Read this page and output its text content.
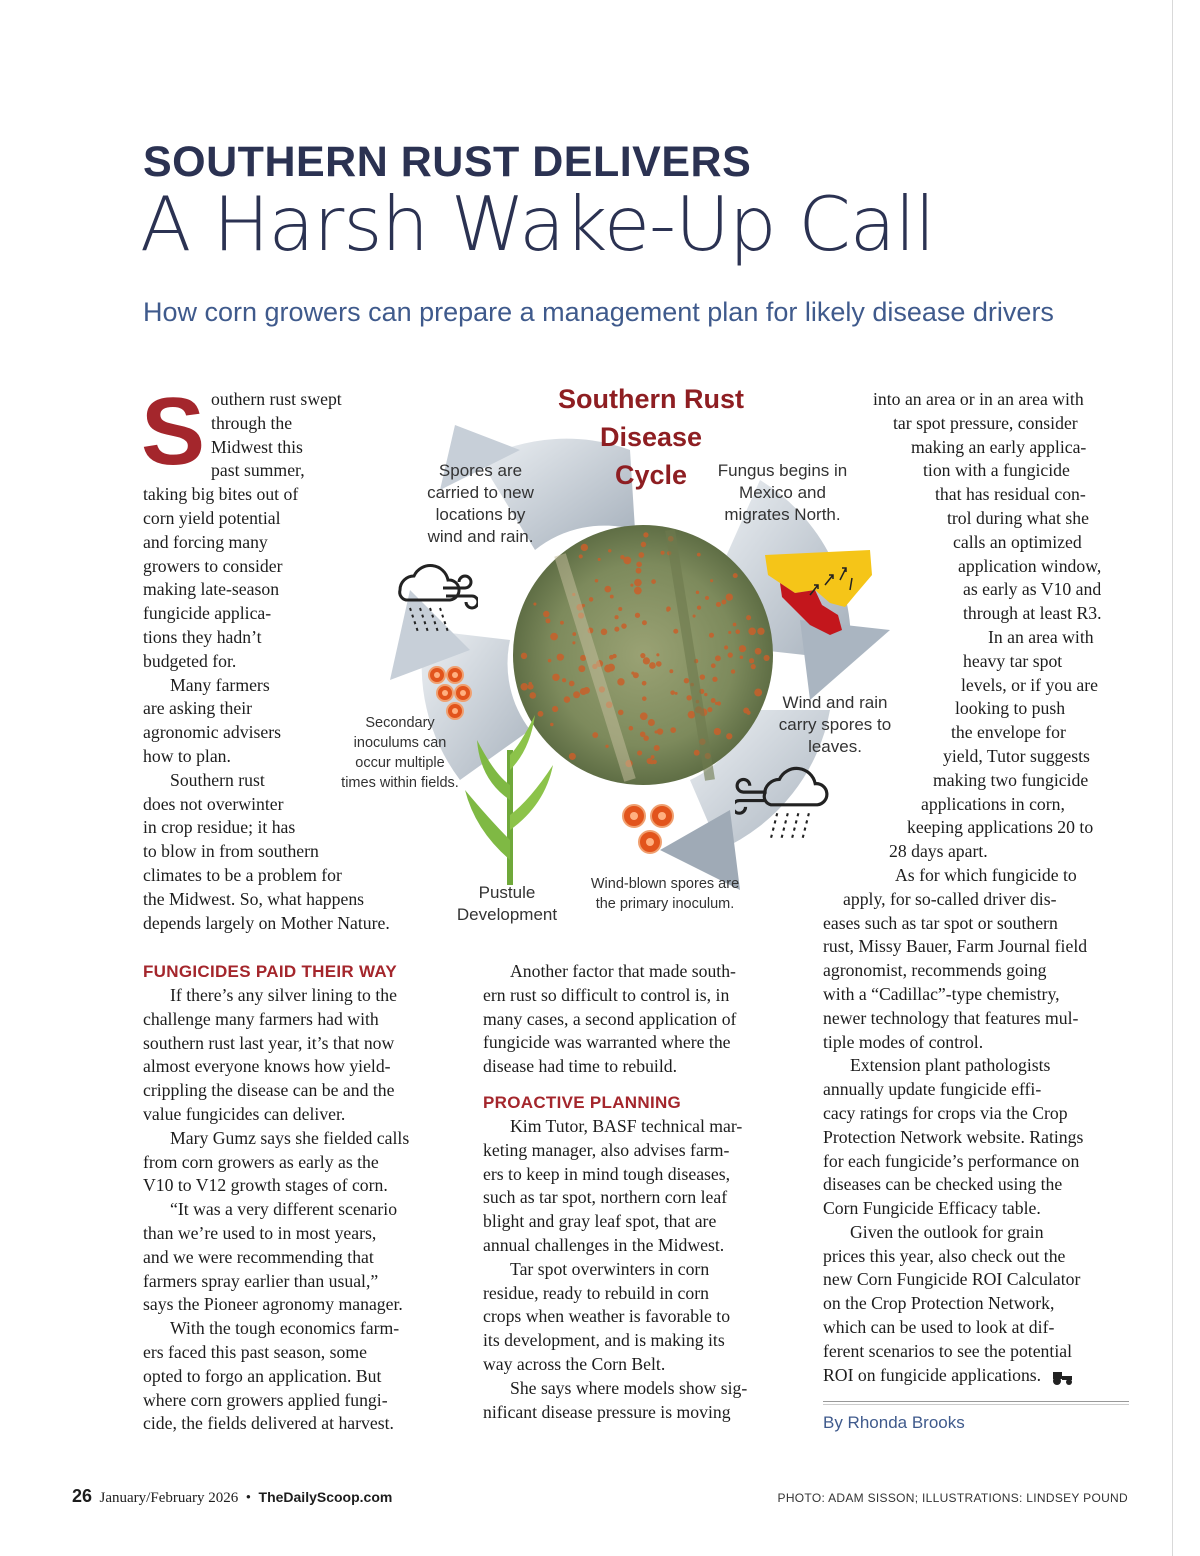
SOUTHERN RUST DELIVERS
A Harsh Wake-Up Call
How corn growers can prepare a management plan for likely disease drivers
S outhern rust swept
through the
Midwest this
past summer,
taking big bites out of
corn yield potential
and forcing many
growers to consider
making late-season
fungicide applica-
tions they hadn’t
budgeted for.
Many farmers
are asking their
agronomic advisers
how to plan.
Southern rust
does not overwinter
in crop residue; it has
to blow in from southern
climates to be a problem for
the Midwest. So, what happens
depends largely on Mother Nature.
Southern Rust
Disease
Cycle
Spores are
carried to new
locations by
wind and rain.
Secondary
inoculums can
occur multiple
times within fields.
Pustule
Development
Wind-blown spores are
the primary inoculum.
Fungus begins in
Mexico and
migrates North.
Wind and rain
carry spores to
leaves.

FUNGICIDES PAID THEIR WAY

If there’s any silver lining to the
challenge many farmers had with
southern rust last year, it’s that now
almost everyone knows how yield-
crippling the disease can be and the
value fungicides can deliver.
Mary Gumz says she fielded calls
from corn growers as early as the
V10 to V12 growth stages of corn.
“It was a very different scenario
than we’re used to in most years,
and we were recommending that
farmers spray earlier than usual,”
says the Pioneer agronomy manager.
With the tough economics farm-
ers faced this past season, some
opted to forgo an application. But
where corn growers applied fungi-
cide, the fields delivered at harvest.
Another factor that made south-
ern rust so difficult to control is, in
many cases, a second application of
fungicide was warranted where the
disease had time to rebuild.

PROACTIVE PLANNING

Kim Tutor, BASF technical mar-
keting manager, also advises farm-
ers to keep in mind tough diseases,
such as tar spot, northern corn leaf
blight and gray leaf spot, that are
annual challenges in the Midwest.
Tar spot overwinters in corn
residue, ready to rebuild in corn
crops when weather is favorable to
its development, and is making its
way across the Corn Belt.
She says where models show sig-
nificant disease pressure is moving
into an area or in an area with
tar spot pressure, consider
making an early applica-
tion with a fungicide
that has residual con-
trol during what she
calls an optimized
application window,
as early as V10 and
through at least R3.
In an area with
heavy tar spot
levels, or if you are
looking to push
the envelope for
yield, Tutor suggests
making two fungicide
applications in corn,
keeping applications 20 to
28 days apart.
As for which fungicide to
apply, for so-called driver dis-
eases such as tar spot or southern
rust, Missy Bauer, Farm Journal field
agronomist, recommends going
with a “Cadillac”-type chemistry,
newer technology that features mul-
tiple modes of control.
Extension plant pathologists
annually update fungicide effi-
cacy ratings for crops via the Crop
Protection Network website. Ratings
for each fungicide’s performance on
diseases can be checked using the
Corn Fungicide Efficacy table.
Given the outlook for grain
prices this year, also check out the
new Corn Fungicide ROI Calculator
on the Crop Protection Network,
which can be used to look at dif-
ferent scenarios to see the potential
ROI on fungicide applications.
By Rhonda Brooks
26 January/February 2026 • TheDailyScoop.com	PHOTO: ADAM SISSON; ILLUSTRATIONS: LINDSEY POUND
